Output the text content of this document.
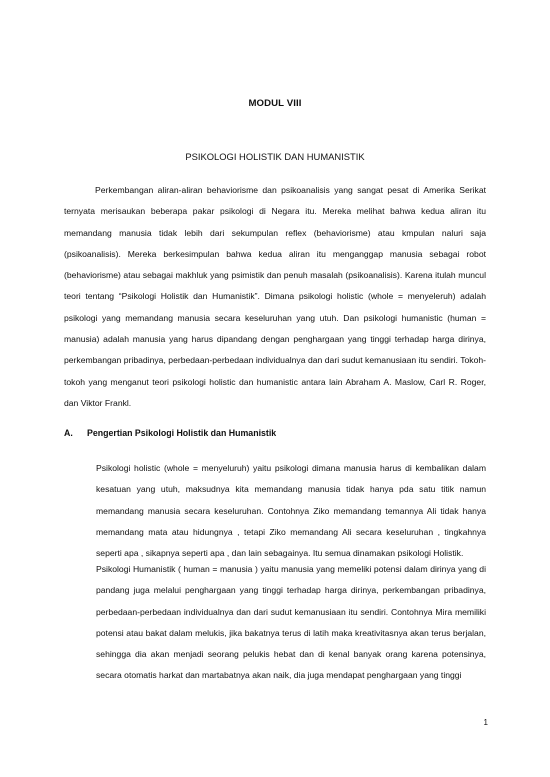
MODUL VIII
PSIKOLOGI HOLISTIK DAN HUMANISTIK

Perkembangan aliran-aliran behaviorisme dan psikoanalisis yang sangat pesat di Amerika Serikat ternyata merisaukan beberapa pakar psikologi di Negara itu. Mereka melihat bahwa kedua aliran itu memandang manusia tidak lebih dari sekumpulan reflex (behaviorisme) atau kmpulan naluri saja (psikoanalisis). Mereka berkesimpulan bahwa kedua aliran itu menganggap manusia sebagai robot (behaviorisme) atau sebagai makhluk yang psimistik dan penuh masalah (psikoanalisis). Karena itulah muncul teori tentang “Psikologi Holistik dan Humanistik”. Dimana psikologi holistic (whole = menyeleruh) adalah psikologi yang memandang manusia secara keseluruhan yang utuh. Dan psikologi humanistic (human = manusia) adalah manusia yang harus dipandang dengan penghargaan yang tinggi terhadap harga dirinya, perkembangan pribadinya, perbedaan-perbedaan individualnya dan dari sudut kemanusiaan itu sendiri. Tokoh-tokoh yang menganut teori psikologi holistic dan humanistic antara lain Abraham A. Maslow, Carl R. Roger, dan Viktor Frankl.

A. Pengertian Psikologi Holistik dan Humanistik

Psikologi holistic (whole = menyeluruh) yaitu psikologi dimana manusia harus di kembalikan dalam kesatuan yang utuh, maksudnya kita memandang manusia tidak hanya pda satu titik namun memandang manusia secara keseluruhan. Contohnya Ziko memandang temannya Ali tidak hanya memandang mata atau hidungnya , tetapi Ziko memandang Ali secara keseluruhan , tingkahnya seperti apa , sikapnya seperti apa , dan lain sebagainya. Itu semua dinamakan psikologi Holistik.

Psikologi Humanistik ( human = manusia ) yaitu manusia yang memeliki potensi dalam dirinya yang di pandang juga melalui penghargaan yang tinggi terhadap harga dirinya, perkembangan pribadinya, perbedaan-perbedaan individualnya dan dari sudut kemanusiaan itu sendiri. Contohnya Mira memiliki potensi atau bakat dalam melukis, jika bakatnya terus di latih maka kreativitasnya akan terus berjalan, sehingga dia akan menjadi seorang pelukis hebat dan di kenal banyak orang karena potensinya, secara otomatis harkat dan martabatnya akan naik, dia juga mendapat penghargaan yang tinggi

1
